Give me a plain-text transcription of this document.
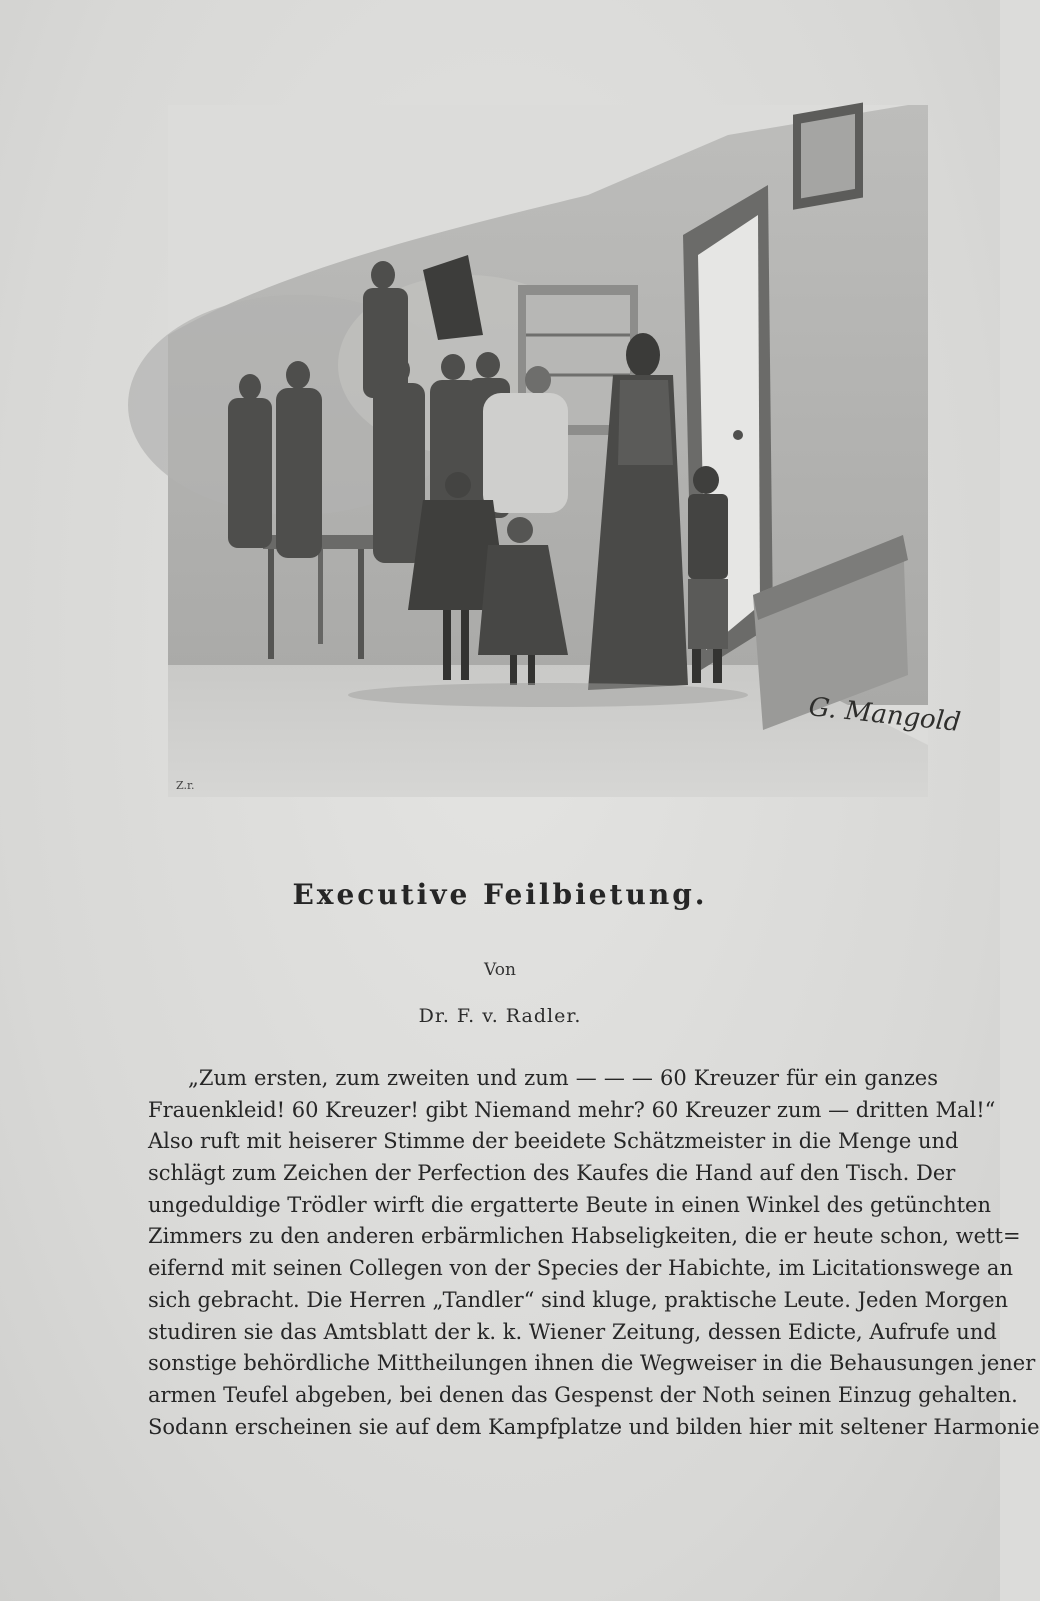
G. Mangold
Z.r.
Executive Feilbietung.
Von
Dr. F. v. Radler.
„Zum ersten, zum zweiten und zum — — — 60 Kreuzer für ein ganzes
Frauenkleid! 60 Kreuzer! gibt Niemand mehr? 60 Kreuzer zum — dritten Mal!“
Also ruft mit heiserer Stimme der beeidete Schätzmeister in die Menge und
schlägt zum Zeichen der Perfection des Kaufes die Hand auf den Tisch. Der
ungeduldige Trödler wirft die ergatterte Beute in einen Winkel des getünchten
Zimmers zu den anderen erbärmlichen Habseligkeiten, die er heute schon, wett=
eifernd mit seinen Collegen von der Species der Habichte, im Licitationswege an
sich gebracht. Die Herren „Tandler“ sind kluge, praktische Leute. Jeden Morgen
studiren sie das Amtsblatt der k. k. Wiener Zeitung, dessen Edicte, Aufrufe und
sonstige behördliche Mittheilungen ihnen die Wegweiser in die Behausungen jener
armen Teufel abgeben, bei denen das Gespenst der Noth seinen Einzug gehalten.
Sodann erscheinen sie auf dem Kampfplatze und bilden hier mit seltener Harmonie
